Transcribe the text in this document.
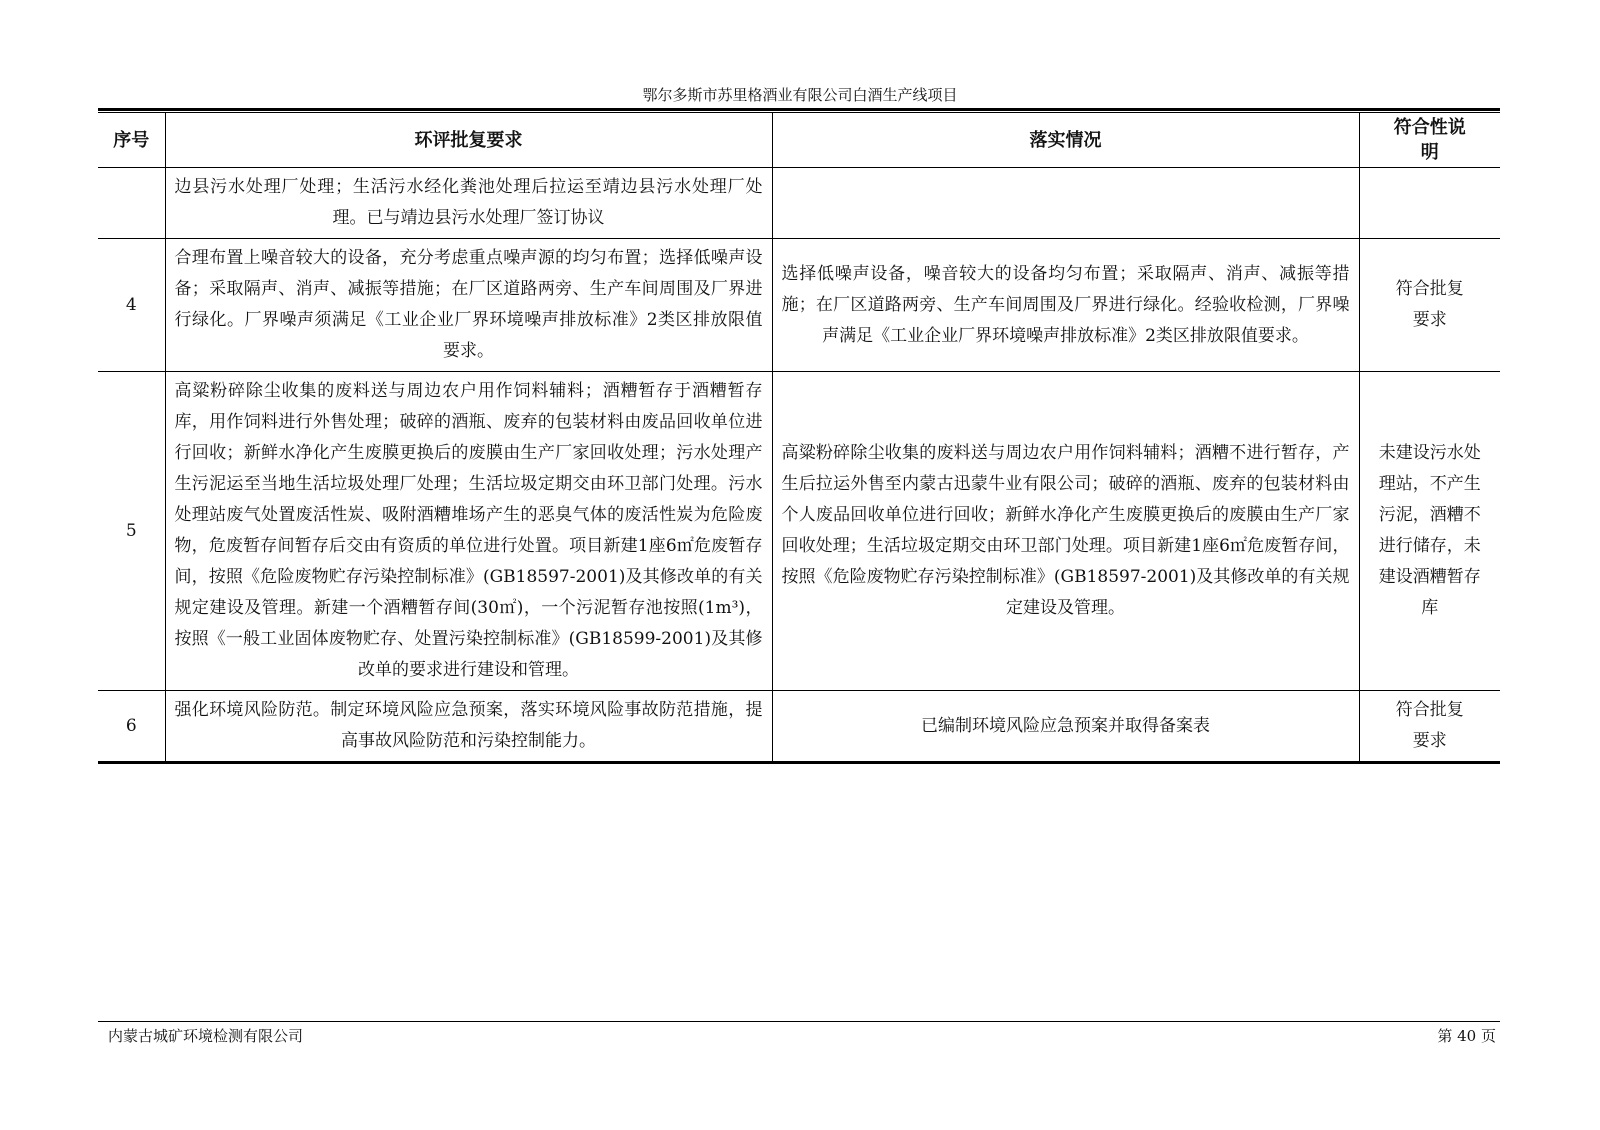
鄂尔多斯市苏里格酒业有限公司白酒生产线项目
序号	环评批复要求	落实情况	符合性说明
	边县污水处理厂处理；生活污水经化粪池处理后拉运至靖边县污水处理厂处理。已与靖边县污水处理厂签订协议		
4	合理布置上噪音较大的设备，充分考虑重点噪声源的均匀布置；选择低噪声设备；采取隔声、消声、减振等措施；在厂区道路两旁、生产车间周围及厂界进行绿化。厂界噪声须满足《工业企业厂界环境噪声排放标准》2类区排放限值要求。	选择低噪声设备，噪音较大的设备均匀布置；采取隔声、消声、减振等措施；在厂区道路两旁、生产车间周围及厂界进行绿化。经验收检测，厂界噪声满足《工业企业厂界环境噪声排放标准》2类区排放限值要求。	符合批复要求
5	高粱粉碎除尘收集的废料送与周边农户用作饲料辅料；酒糟暂存于酒糟暂存库，用作饲料进行外售处理；破碎的酒瓶、废弃的包装材料由废品回收单位进行回收；新鲜水净化产生废膜更换后的废膜由生产厂家回收处理；污水处理产生污泥运至当地生活垃圾处理厂处理；生活垃圾定期交由环卫部门处理。污水处理站废气处置废活性炭、吸附酒糟堆场产生的恶臭气体的废活性炭为危险废物，危废暂存间暂存后交由有资质的单位进行处置。项目新建1座6㎡危废暂存间，按照《危险废物贮存污染控制标准》(GB18597-2001)及其修改单的有关规定建设及管理。新建一个酒糟暂存间(30㎡)，一个污泥暂存池按照(1m³)，按照《一般工业固体废物贮存、处置污染控制标准》(GB18599-2001)及其修改单的要求进行建设和管理。	高粱粉碎除尘收集的废料送与周边农户用作饲料辅料；酒糟不进行暂存，产生后拉运外售至内蒙古迅蒙牛业有限公司；破碎的酒瓶、废弃的包装材料由个人废品回收单位进行回收；新鲜水净化产生废膜更换后的废膜由生产厂家回收处理；生活垃圾定期交由环卫部门处理。项目新建1座6㎡危废暂存间，按照《危险废物贮存污染控制标准》(GB18597-2001)及其修改单的有关规定建设及管理。	未建设污水处理站，不产生污泥，酒糟不进行储存，未建设酒糟暂存库
6	强化环境风险防范。制定环境风险应急预案，落实环境风险事故防范措施，提高事故风险防范和污染控制能力。	已编制环境风险应急预案并取得备案表	符合批复要求
内蒙古城矿环境检测有限公司	第 40 页
